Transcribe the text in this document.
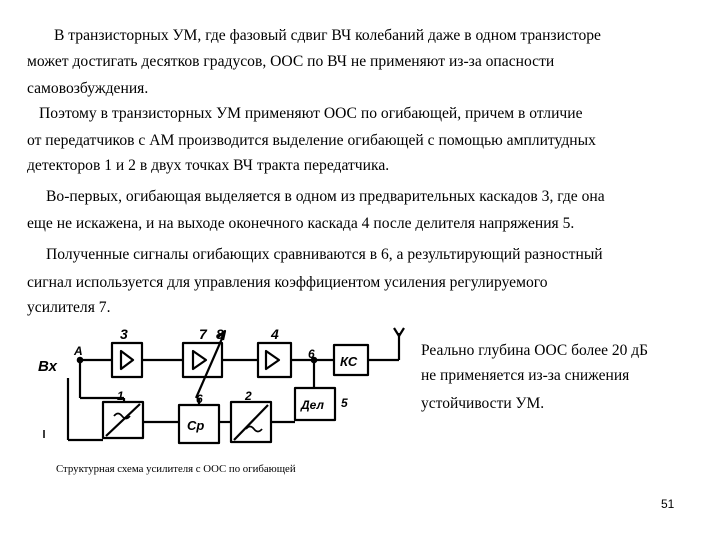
В транзисторных УМ, где фазовый сдвиг ВЧ колебаний даже в одном транзисторе
может достигать десятков градусов, ООС по ВЧ не применяют из-за опасности
самовозбуждения.
Поэтому в транзисторных УМ применяют ООС по огибающей, причем в отличие
от передатчиков с АМ производится выделение огибающей с помощью амплитудных
детекторов 1 и 2 в двух точках ВЧ тракта передатчика.
Во-первых, огибающая выделяется в одном из предварительных каскадов 3, где она
еще не искажена, и на выходе оконечного каскада 4 после делителя напряжения 5.
Полученные сигналы огибающих сравниваются в 6, а результирующий разностный
сигнал используется для управления коэффициентом усиления регулируемого
усилителя 7.
Реально глубина ООС более 20 дБ
не применяется из-за снижения
устойчивости УМ.
Вх
A
3	7 8	4
6 КС
1	6	2	5
Ср
Дел
Структурная схема усилителя с ООС по огибающей
51
